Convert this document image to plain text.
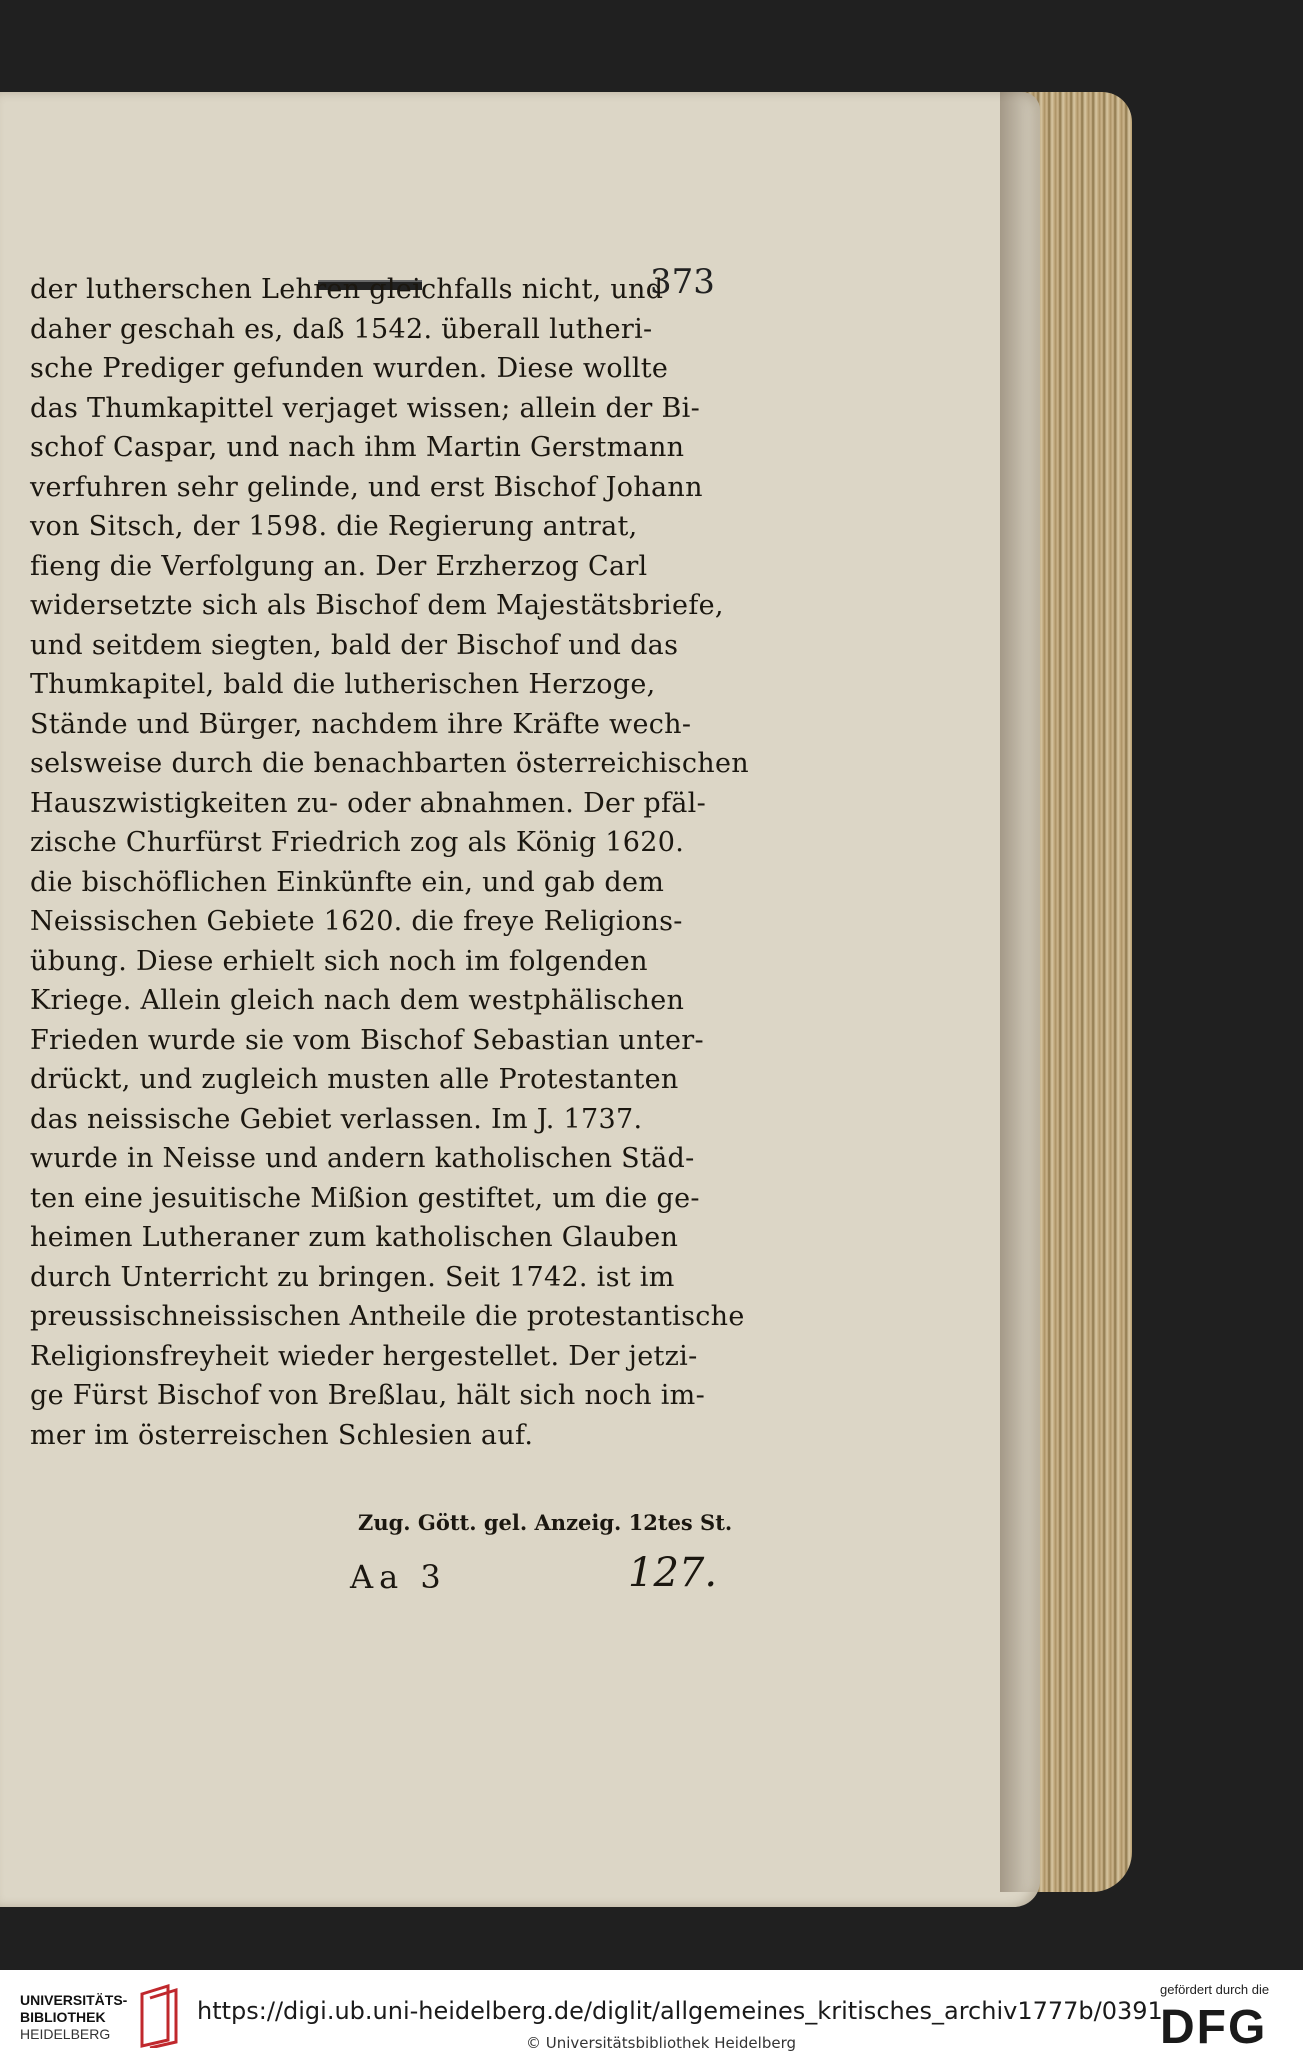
373
der lutherschen Lehren gleichfalls nicht, und
daher geschah es, daß 1542. überall lutheri-
sche Prediger gefunden wurden. Diese wollte
das Thumkapittel verjaget wissen; allein der Bi-
schof Caspar, und nach ihm Martin Gerstmann
verfuhren sehr gelinde, und erst Bischof Johann
von Sitsch, der 1598. die Regierung antrat,
fieng die Verfolgung an. Der Erzherzog Carl
widersetzte sich als Bischof dem Majestätsbriefe,
und seitdem siegten, bald der Bischof und das
Thumkapitel, bald die lutherischen Herzoge,
Stände und Bürger, nachdem ihre Kräfte wech-
selsweise durch die benachbarten österreichischen
Hauszwistigkeiten zu- oder abnahmen. Der pfäl-
zische Churfürst Friedrich zog als König 1620.
die bischöflichen Einkünfte ein, und gab dem
Neissischen Gebiete 1620. die freye Religions-
übung. Diese erhielt sich noch im folgenden
Kriege. Allein gleich nach dem westphälischen
Frieden wurde sie vom Bischof Sebastian unter-
drückt, und zugleich musten alle Protestanten
das neissische Gebiet verlassen. Im J. 1737.
wurde in Neisse und andern katholischen Städ-
ten eine jesuitische Mißion gestiftet, um die ge-
heimen Lutheraner zum katholischen Glauben
durch Unterricht zu bringen. Seit 1742. ist im
preussischneissischen Antheile die protestantische
Religionsfreyheit wieder hergestellet. Der jetzi-
ge Fürst Bischof von Breßlau, hält sich noch im-
mer im österreischen Schlesien auf.
Zug. Gött. gel. Anzeig. 12tes St.
Aa 3	127.
UNIVERSITÄTS-
BIBLIOTHEK
HEIDELBERG
https://digi.ub.uni-heidelberg.de/diglit/allgemeines_kritisches_archiv1777b/0391
© Universitätsbibliothek Heidelberg
gefördert durch die
DFG
